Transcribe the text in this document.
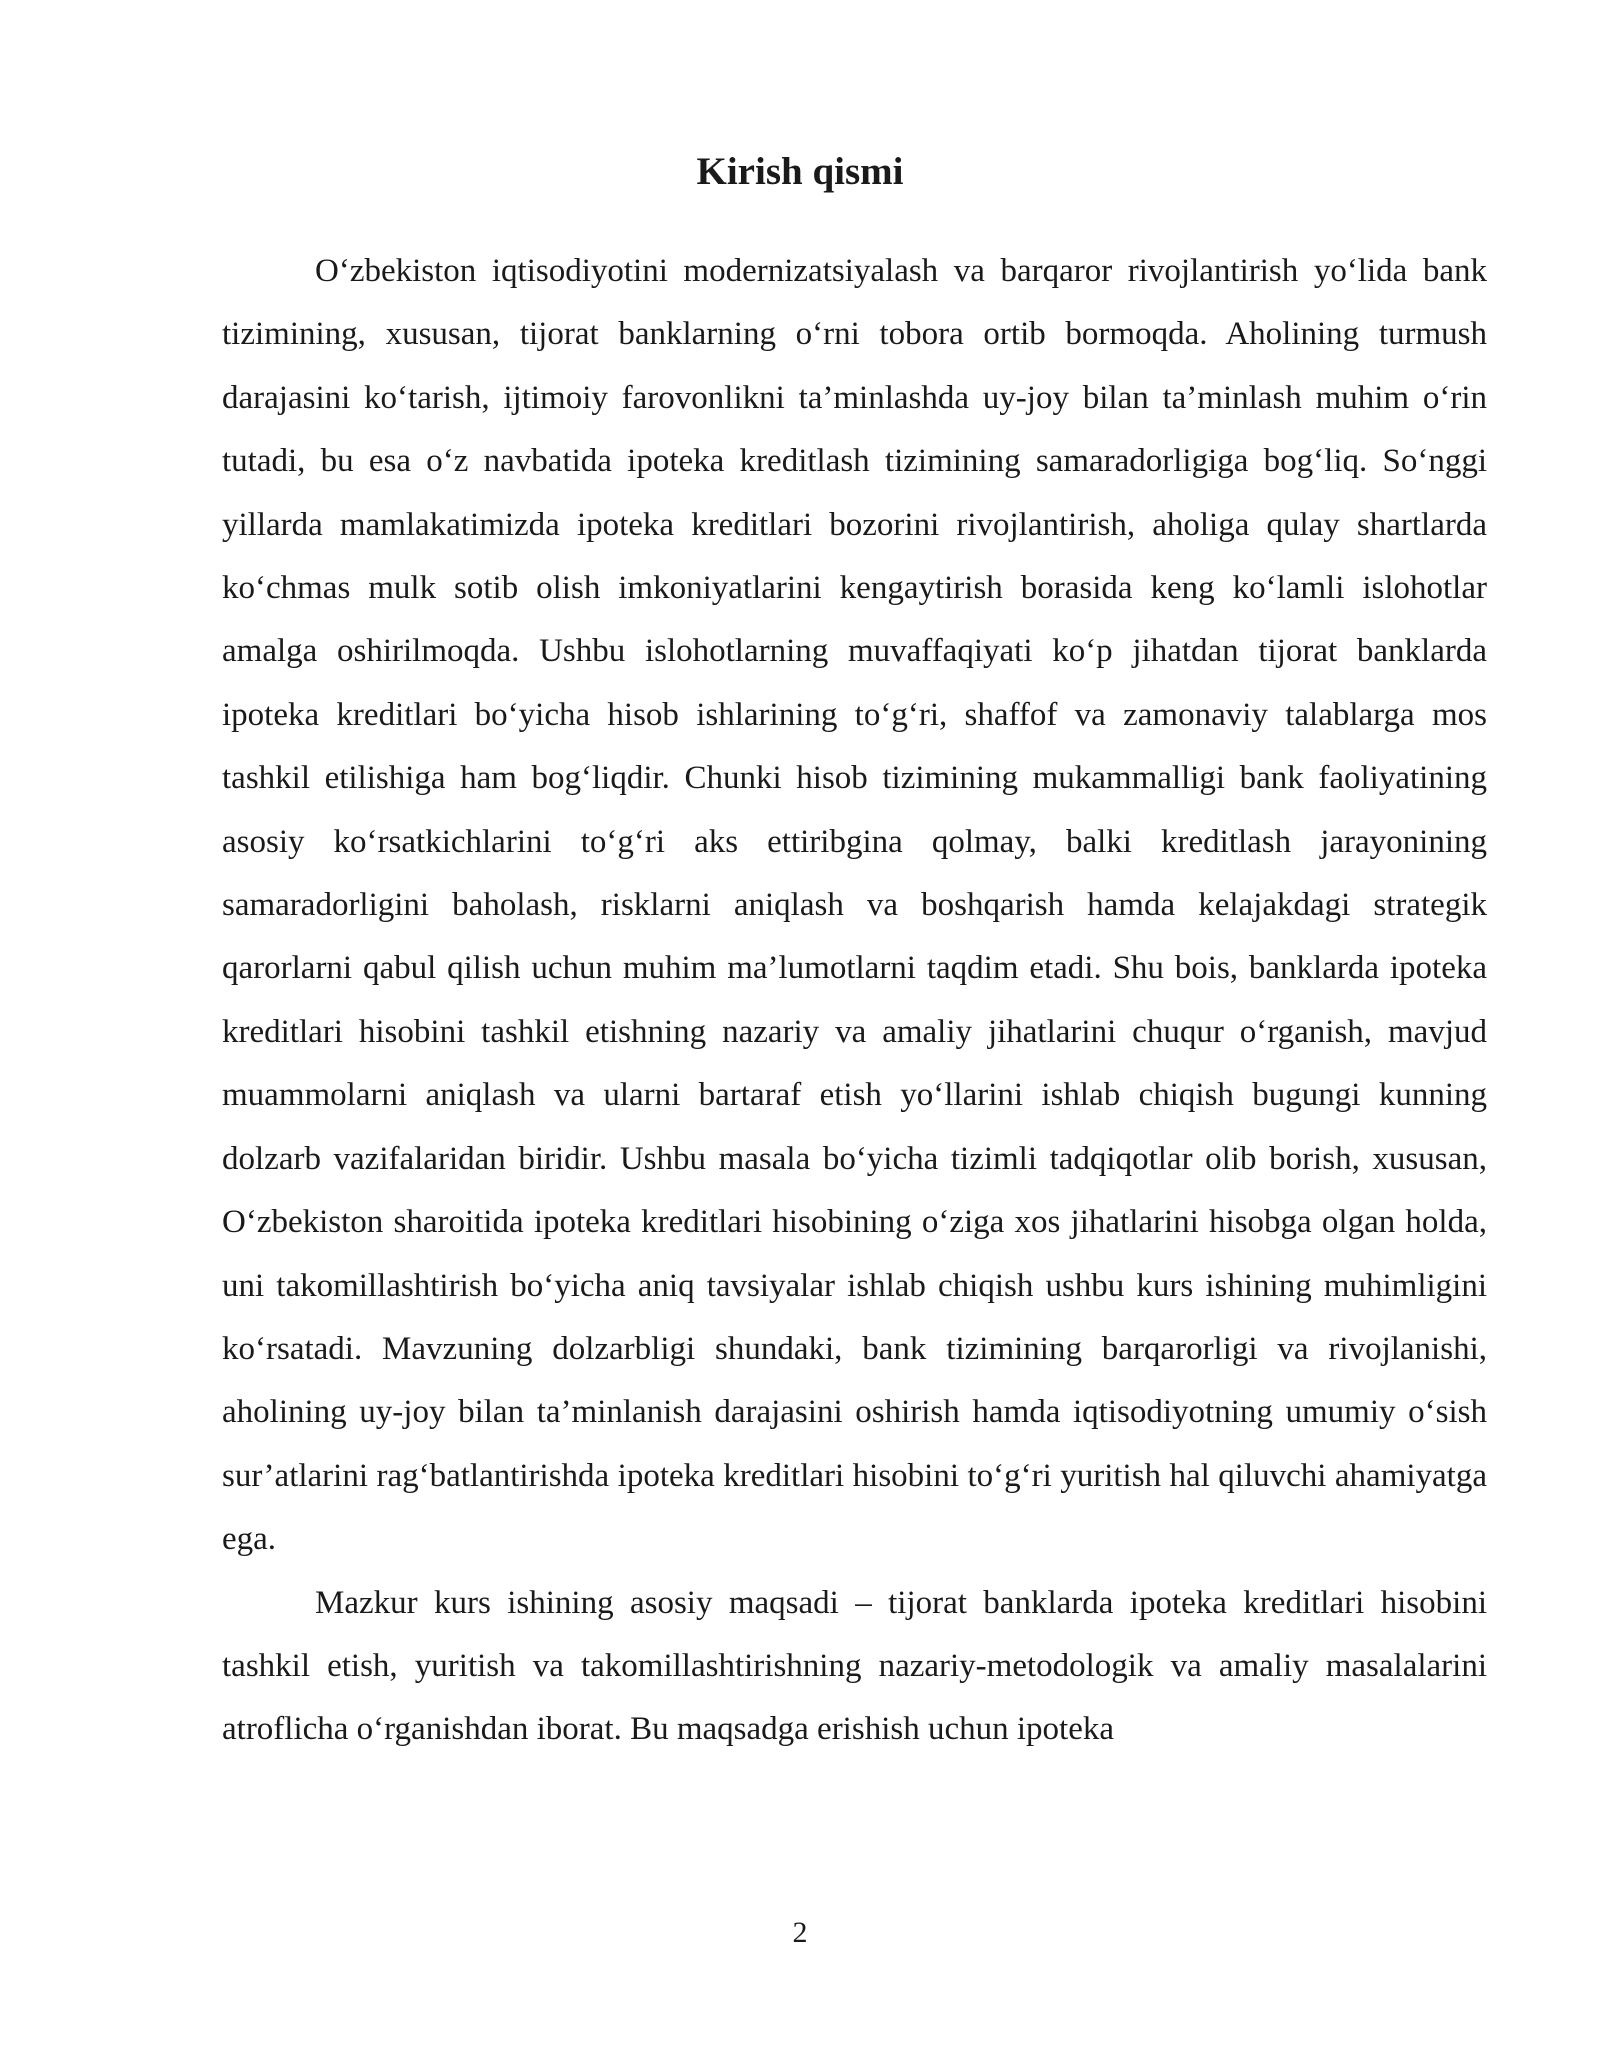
Kirish qismi

O‘zbekiston iqtisodiyotini modernizatsiyalash va barqaror rivojlantirish yo‘lida bank tizimining, xususan, tijorat banklarning o‘rni tobora ortib bormoqda. Aholining turmush darajasini ko‘tarish, ijtimoiy farovonlikni ta’minlashda uy-joy bilan ta’minlash muhim o‘rin tutadi, bu esa o‘z navbatida ipoteka kreditlash tizimining samaradorligiga bog‘liq. So‘nggi yillarda mamlakatimizda ipoteka kreditlari bozorini rivojlantirish, aholiga qulay shartlarda ko‘chmas mulk sotib olish imkoniyatlarini kengaytirish borasida keng ko‘lamli islohotlar amalga oshirilmoqda. Ushbu islohotlarning muvaffaqiyati ko‘p jihatdan tijorat banklarda ipoteka kreditlari bo‘yicha hisob ishlarining to‘g‘ri, shaffof va zamonaviy talablarga mos tashkil etilishiga ham bog‘liqdir. Chunki hisob tizimining mukammalligi bank faoliyatining asosiy ko‘rsatkichlarini to‘g‘ri aks ettiribgina qolmay, balki kreditlash jarayonining samaradorligini baholash, risklarni aniqlash va boshqarish hamda kelajakdagi strategik qarorlarni qabul qilish uchun muhim ma’lumotlarni taqdim etadi. Shu bois, banklarda ipoteka kreditlari hisobini tashkil etishning nazariy va amaliy jihatlarini chuqur o‘rganish, mavjud muammolarni aniqlash va ularni bartaraf etish yo‘llarini ishlab chiqish bugungi kunning dolzarb vazifalaridan biridir. Ushbu masala bo‘yicha tizimli tadqiqotlar olib borish, xususan, O‘zbekiston sharoitida ipoteka kreditlari hisobining o‘ziga xos jihatlarini hisobga olgan holda, uni takomillashtirish bo‘yicha aniq tavsiyalar ishlab chiqish ushbu kurs ishining muhimligini ko‘rsatadi. Mavzuning dolzarbligi shundaki, bank tizimining barqarorligi va rivojlanishi, aholining uy-joy bilan ta’minlanish darajasini oshirish hamda iqtisodiyotning umumiy o‘sish sur’atlarini rag‘batlantirishda ipoteka kreditlari hisobini to‘g‘ri yuritish hal qiluvchi ahamiyatga ega.

Mazkur kurs ishining asosiy maqsadi – tijorat banklarda ipoteka kreditlari hisobini tashkil etish, yuritish va takomillashtirishning nazariy-metodologik va amaliy masalalarini atroflicha o‘rganishdan iborat. Bu maqsadga erishish uchun ipoteka

2
